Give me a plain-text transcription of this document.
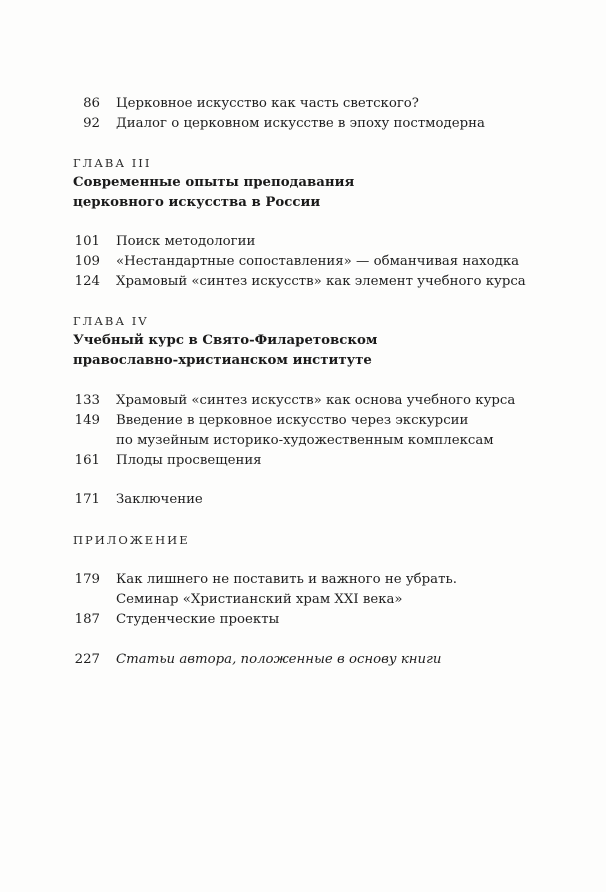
86 Церковное искусство как часть светского?
92 Диалог о церковном искусстве в эпоху постмодерна
ГЛАВА III
Современные опыты преподавания
церковного искусства в России
101 Поиск методологии
109 «Нестандартные сопоставления» — обманчивая находка
124 Храмовый «синтез искусств» как элемент учебного курса
ГЛАВА IV
Учебный курс в Свято-Филаретовском
православно-христианском институте
133 Храмовый «синтез искусств» как основа учебного курса
149 Введение в церковное искусство через экскурсии
по музейным историко-художественным комплексам
161 Плоды просвещения
171 Заключение
ПРИЛОЖЕНИЕ
179 Как лишнего не поставить и важного не убрать.
Семинар «Христианский храм XXI века»
187 Студенческие проекты
227 Статьи автора, положенные в основу книги
